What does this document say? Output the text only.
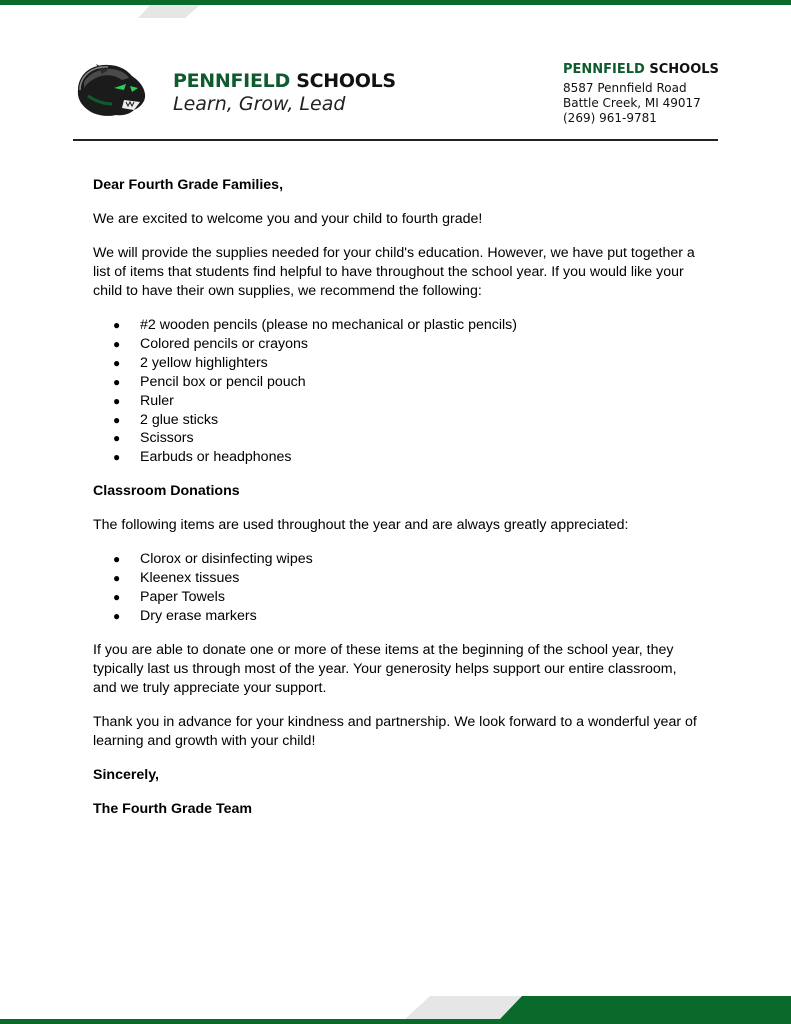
PENNFIELD SCHOOLS
Learn, Grow, Lead
PENNFIELD SCHOOLS
8587 Pennfield Road
Battle Creek, MI 49017
(269) 961-9781

Dear Fourth Grade Families,

We are excited to welcome you and your child to fourth grade!

We will provide the supplies needed for your child's education. However, we have put together a list of items that students find helpful to have throughout the school year. If you would like your child to have their own supplies, we recommend the following:

● #2 wooden pencils (please no mechanical or plastic pencils)
● Colored pencils or crayons
● 2 yellow highlighters
● Pencil box or pencil pouch
● Ruler
● 2 glue sticks
● Scissors
● Earbuds or headphones

Classroom Donations

The following items are used throughout the year and are always greatly appreciated:

● Clorox or disinfecting wipes
● Kleenex tissues
● Paper Towels
● Dry erase markers

If you are able to donate one or more of these items at the beginning of the school year, they typically last us through most of the year. Your generosity helps support our entire classroom, and we truly appreciate your support.

Thank you in advance for your kindness and partnership. We look forward to a wonderful year of learning and growth with your child!

Sincerely,

The Fourth Grade Team
